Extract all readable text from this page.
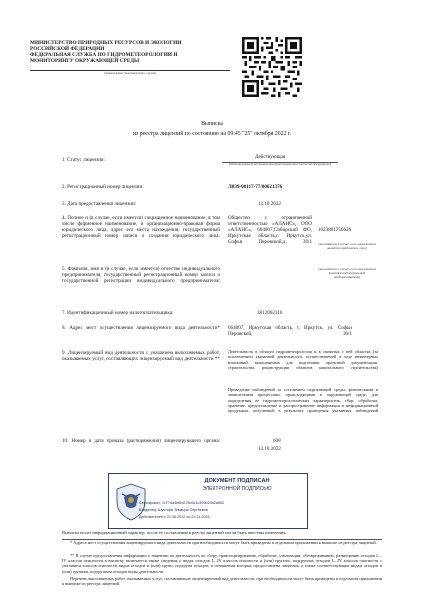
МИНИСТЕРСТВО ПРИРОДНЫХ РЕСУРСОВ И ЭКОЛОГИИ
РОССИЙСКОЙ ФЕДЕРАЦИИ
ФЕДЕРАЛЬНАЯ СЛУЖБА ПО ГИДРОМЕТЕОРОЛОГИИ И
МОНИТОРИНГУ ОКРУЖАЮЩЕЙ СРЕДЫ
(наименование лицензирующего органа)
Выписка
из реестра лицензий по состоянию на 09:45 "25" октября 2022 г.
1. Статус лицензии:	Действующая
(действующая/приостановлена/приостановлена частично/прекращена)
2. Регистрационный номер лицензии:	Л039-00117-77/00621376
3. Дата предоставления лицензии:	13.10.2022
4. Полное и (в случае, если имеется) сокращенное наименование, в том числе фирменное наименование, и организационно-правовая форма юридического лица, адрес его места нахождения, государственный регистрационный номер записи о создании юридического лица:
Общество с ограниченной ответственностью «АЛАНС», ООО «АЛАНС», 664007,Сибирский ФО, Иркутская область,г. Иркутск,ул. Софьи Перовской,д. 30/1
1023801756626
(заполняется в случае, если лицензиатом является юридическое лицо)
5. Фамилия, имя и (в случае, если имеется) отчество индивидуального предпринимателя, государственный регистрационный номер записи о государственной регистрации индивидуального предпринимателя:
(заполняется в случае, если лицензиатом является индивидуальный предприниматель)
7. Идентификационный номер налогоплательщика:	3812062310
8. Адрес мест осуществления лицензируемого вида деятельности* 664007, Иркутская область, г. Иркутск, ул. Софьи Перовской, 30/1
9. Лицензируемый вид деятельности с указанием выполняемых работ, оказываемых услуг, составляющих лицензируемый вид деятельности **
Деятельность в области гидрометеорологии и в смежных с ней областях (за исключением указанной деятельности, осуществляемой в ходе инженерных изысканий, выполняемых для подготовки проектной документации, строительства, реконструкции объектов капитального строительства)
Проведение наблюдений за состоянием окружающей среды, физическими и химическими процессами, происходящими в окружающей среде, для определения ее гидрометеорологических характеристик, сбор, обработка, хранение, предоставление и распространение информации в информационной продукции, полученной в результате проведения указанных наблюдений
10. Номер и дата приказа (распоряжения) лицензирующего органа:	608
13.10.2022
ДОКУМЕНТ ПОДПИСАН
ЭЛЕКТРОННОЙ ПОДПИСЬЮ
Сертификат: 11F7da4bf6d278d3c1c399b23d2a652
Владелец: Шустова Эльвира Сергеевна
Действителен с 21.08.2022 по 24.11.2023
Выписка носит информационный характер, после ее составления в реестр лицензий могли быть внесены изменения.
* Адреса мест осуществления лицензируемого вида деятельности при необходимости могут быть приведены в отдельном приложении к выписке из реестра лицензий.
** В случае предоставления информации о лицензии на деятельность по сбору, транспортированию, обработке, утилизации, обезвреживанию, размещению отходов I—IV классов опасности в выписку включается также сведения о видах отходов I—IV классов опасности и (или) группах, подгруппах отходов I—IV классов опасности с указанием классов опасности видов отходов и (или) групп, подгрупп отходов, в отношении которых предоставлена лицензия, а также соответствующие видам отходов и (или) группам, подгруппам отходов виды деятельности
Перечень выполняемых работ, оказываемых услуг, составляющих лицензируемый вид деятельности, при необходимости могут быть приведены в отдельном приложении к выписке из реестра лицензий.
